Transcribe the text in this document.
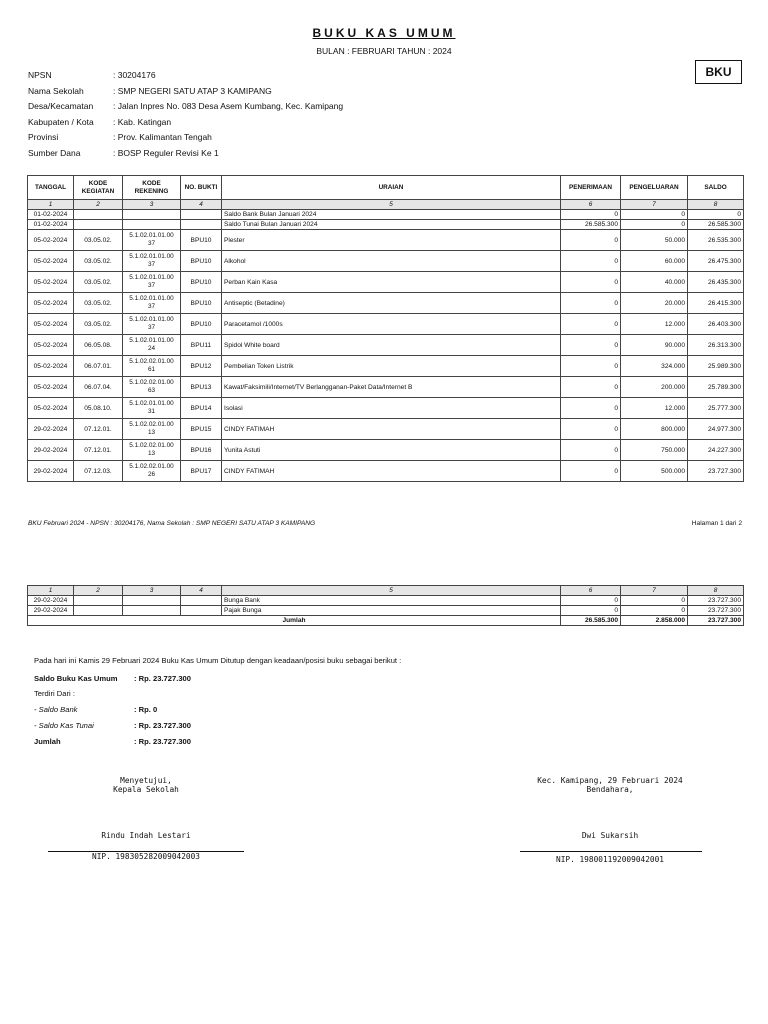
BUKU KAS UMUM
BULAN : FEBRUARI TAHUN : 2024
BKU
NPSN	: 30204176
Nama Sekolah	: SMP NEGERI SATU ATAP 3 KAMIPANG
Desa/Kecamatan : Jalan Inpres No. 083 Desa Asem Kumbang, Kec. Kamipang
Kabupaten / Kota : Kab. Katingan
Provinsi	: Prov. Kalimantan Tengah
Sumber Dana	: BOSP Reguler Revisi Ke 1
TANGGAL	KODE KEGIATAN	KODE REKENING	NO. BUKTI	URAIAN	PENERIMAAN	PENGELUARAN	SALDO
1	2	3	4	5	6	7	8
01-02-2024				Saldo Bank Bulan Januari 2024	0	0	0
01-02-2024				Saldo Tunai Bulan Januari 2024	26.585.300	0	26.585.300
05-02-2024	03.05.02.	5.1.02.01.01.00 37	BPU10	Plester	0	50.000	26.535.300
05-02-2024	03.05.02.	5.1.02.01.01.00 37	BPU10	Alkohol	0	60.000	26.475.300
05-02-2024	03.05.02.	5.1.02.01.01.00 37	BPU10	Perban Kain Kasa	0	40.000	26.435.300
05-02-2024	03.05.02.	5.1.02.01.01.00 37	BPU10	Antiseptic (Betadine)	0	20.000	26.415.300
05-02-2024	03.05.02.	5.1.02.01.01.00 37	BPU10	Paracetamol /1000s	0	12.000	26.403.300
05-02-2024	06.05.08.	5.1.02.01.01.00 24	BPU11	Spidol White board	0	90.000	26.313.300
05-02-2024	06.07.01.	5.1.02.02.01.00 61	BPU12	Pembelian Token Listrik	0	324.000	25.989.300
05-02-2024	06.07.04.	5.1.02.02.01.00 63	BPU13	Kawat/Faksimili/Internet/TV Berlangganan-Paket Data/Internet B	0	200.000	25.789.300
05-02-2024	05.08.10.	5.1.02.01.01.00 31	BPU14	Isolasi	0	12.000	25.777.300
29-02-2024	07.12.01.	5.1.02.02.01.00 13	BPU15	CINDY FATIMAH	0	800.000	24.977.300
29-02-2024	07.12.01.	5.1.02.02.01.00 13	BPU16	Yunita Astuti	0	750.000	24.227.300
29-02-2024	07.12.03.	5.1.02.02.01.00 26	BPU17	CINDY FATIMAH	0	500.000	23.727.300
BKU Februari 2024 - NPSN : 30204176, Nama Sekolah : SMP NEGERI SATU ATAP 3 KAMIPANG	Halaman 1 dari 2
1	2	3	4	5	6	7	8
29-02-2024				Bunga Bank	0	0	23.727.300
29-02-2024				Pajak Bunga	0	0	23.727.300
Jumlah					26.585.300	2.858.000	23.727.300
Pada hari ini Kamis 29 Februari 2024 Buku Kas Umum Ditutup dengan keadaan/posisi buku sebagai berikut :
Saldo Buku Kas Umum : Rp. 23.727.300
Terdiri Dari :
- Saldo Bank	: Rp. 0
- Saldo Kas Tunai	: Rp. 23.727.300
Jumlah	: Rp. 23.727.300
Menyetujui,
Kepala Sekolah
Rindu Indah Lestari
NIP. 198305282009042003
Kec. Kamipang, 29 Februari 2024
Bendahara,
Dwi Sukarsih
NIP. 198001192009042001
